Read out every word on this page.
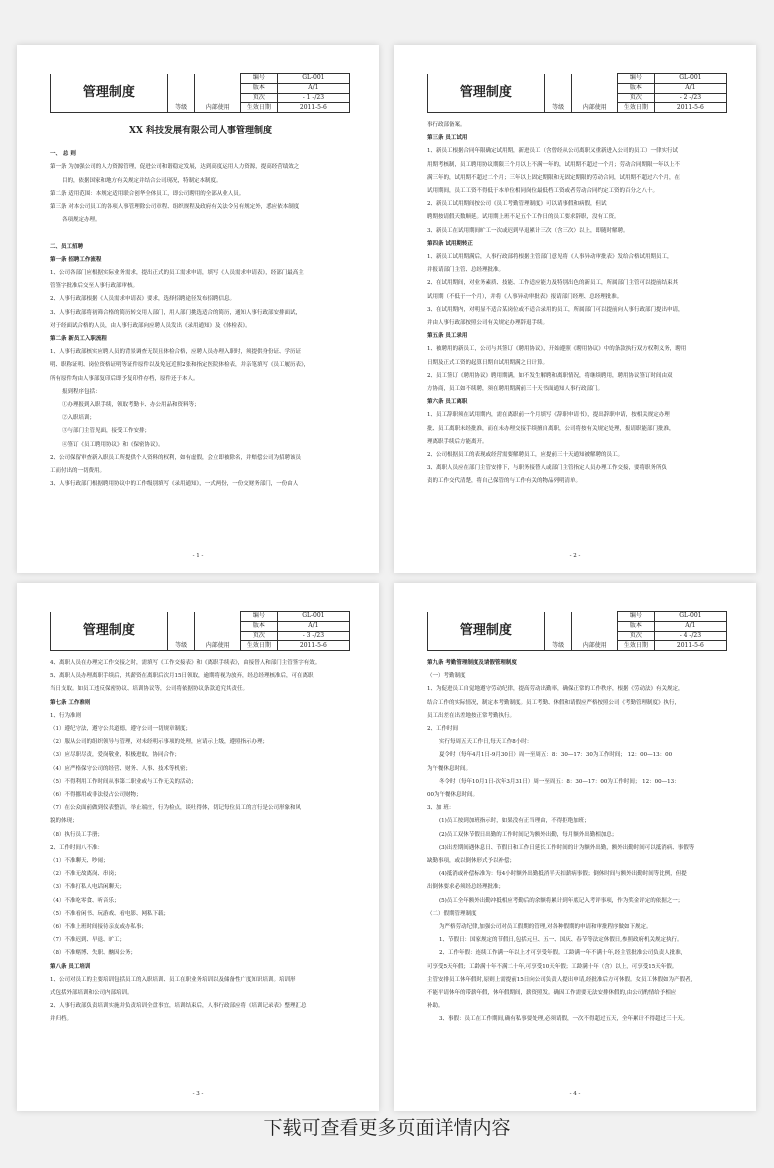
管理制度	等级	内部使用	编号	GL-001
			版本	A/1
			页次	- 1 -/23
			生效日期	2011-5-6

XX 科技发展有限公司人事管理制度

一、 总 则

第一条 为加强公司的人力资源管理，促进公司和谐稳定发展，达到高度运用人力资源，提高经营绩效之

目的，依据国家和地方有关规定并结合公司现况，特制定本制度。

第二条 适用范围：本规定适用联合创华全体员工，即公司聘用的全部从业人员。

第三条 对本公司员工的各项人事管理除公司章程、组织规程及政府有关法令另有规定外，悉应依本制度

各项规定办理。

二、员工招聘

第一条 招聘工作流程

1、公司各部门应根据实际业务需求，提出正式的员工需求申请，填写《人员需求申请表》，经部门最高主

管签字批准后交至人事行政部审核。

2、人事行政部根据《人员需求申请表》要求，选择招聘途径发布招聘信息。

3、人事行政部将初筛合格的简历转交用人部门，用人部门挑选适合的简历，通知人事行政部安排面试，

对于经面试合格的人员，由人事行政部向应聘人员发出《录用通知》及《体检表》。

第二条 新员工入职流程

1、人事行政部核实应聘人员的背景调查无误且体检合格，应聘人员办理入职时，须提供身份证、学历证

明、职称证明、岗位资格证明等证件原件以及免冠近照2张和指定医院体检表，并亲笔填写《员工履历表》，

所有原件均由人事部复印后即予复印件存档，原件还于本人。

报到程序包括：

①办理报到入职手续，领取考勤卡、办公用品和资料等；

②入职培训；

③与部门主管见面，接受工作安排；

④签订《员工聘用协议》和《保密协议》。

2、公司保留审查新入职员工所提供个人资料的权利，如有虚假，会立即被除名，并赔偿公司为招聘该员

工而付出的一切费用。

3、人事行政部门根据聘用协议中的工作级别填写《录用通知》，一式两份，一份交财务部门，一份由人

- 1 -
管理制度	等级	内部使用	编号	GL-001
			版本	A/1
			页次	- 2 -/23
			生效日期	2011-5-6

事行政部备案。

第三条 员工试用

1、新员工根据合同年限确定试用期，新进员工（含曾经从公司离职又重新进入公司的员工）一律实行试

用期考核制，员工聘用协议期限三个月以上不满一年的，试用期不超过一个月；劳动合同期限一年以上不

满三年的，试用期不超过二个月；三年以上固定期限和无固定期限的劳动合同，试用期不超过六个月，在

试用期间，员工工资不得低于本单位相同岗位最低档工资或者劳动合同约定工资的百分之八十。

2、新员工试用期间按公司《员工考勤管理制度》可以请事假和病假，但试

聘期按请假天数顺延。试用期上班不足五个工作日的员工要求辞职，没有工资。

3、新员工在试用期间旷工一次或迟到早退累计三次（含三次）以上，即随时解聘。

第四条 试用期转正

1、新员工试用期满后，人事行政部将根据主管部门意见将《人事异动审批表》发给合格试用期员工，

并报请部门主管、总经理批准。

2、在试用期间，对业务素质、技能、工作适应能力及特别出色的新员工，所属部门主管可以提前结束其

试用期（不低于一个月），并将《人事异动审批表》报请部门经理、总经理批准。

3、在试用期内，对明显不适合某岗位或不适合录用的员工，所属部门可以提前向人事行政部门提出申请，

并由人事行政部按照公司有关规定办理辞退手续。

第五条 员工录用

1、被聘用的新员工，公司与其签订《聘用协议》，开始遵照《聘用协议》中的条款执行双方权利义务，聘用

日期及正式工资的起算日期自试用期满之日计算。

2、员工签订《聘用协议》聘用期满，如不发生解聘和离职情况，将继续聘用，聘用协议签订时间由双

方协商，员工如不续聘，须在聘用期满前三十天书面通知人事行政部门。

第六条 员工离职

1、员工辞职须在试用期内，需在离职前一个月填写《辞职申请书》，提出辞职申请，按相关规定办理

批、员工离职未经批准，而在未办理交接手续擅自离职，公司将按有关规定处理，报请职能部门批准，

理离职手续后方能离开。

2、公司根据员工的表现或经营需要解聘员工，应提前三十天通知被解聘的员工。

3、离职人员应在部门主管安排下，与职务接替人或部门主管指定人员办理工作交接，要将职务所负

责的工作交代清楚，将自己保管的与工作有关的物品列明清单。

- 2 -
管理制度	等级	内部使用	编号	GL-001
			版本	A/1
			页次	- 3 -/23
			生效日期	2011-5-6

4、离职人员在办理完工作交接之时，需填写《工作交接表》和《离职手续表》，由接替人和部门主管签字有效。

5、离职人员办理离职手续后，其薪资在离职后次月15日领取，逾期将视为放弃，经总经理核准后，可在离职

当日支取。如员工违反保密协议、培训协议等，公司将依据协议条款追究其责任。

第七条 工作准则

1、行为准则

（1）遵纪守法，遵守公共道德，遵守公司一切规章制度；

（2）服从公司的组织领导与管理，对未经明示事项的处理，应请示上级，遵照指示办理；

（3）应尽职尽责，爱岗敬业，积极进取，协同合作；

（4）应严格保守公司的经营、财务、人事、技术等机密；

（5）不得利用工作时间从事第二职业或与工作无关的活动；

（6）不得挪用或非法侵占公司财物；

（7）在公众面前做到仪表整洁，举止端庄，行为检点，谈吐得体，切记每位员工的言行是公司形象和风

貌的体现；

（8）执行员工手册；

2、工作时间八不准：

（1）不准聊天、吵闹；

（2）不准无故离岗、串岗；

（3）不准打私人电话闲聊天；

（4）不准吃零食、听音乐；

（5）不准看闲书、玩游戏、看电影、网私下载；

（6）不准上班时间接待亲友或办私事；

（7）不准迟到、早退、旷工；

（8）不准赌博、失职、酗因公务；

第八条 员工培训

1、公司对员工的主要培训包括员工的入职培训、员工在职业务培训以及储备性广度知识培训。培训形

式包括外部培训和公司内部培训。

2、人事行政部负责培训实施并负责培训全盘事宜，培训结束后，人事行政部应将《培训记录表》整理汇总

并归档。

- 3 -
管理制度	等级	内部使用	编号	GL-001
			版本	A/1
			页次	- 4 -/23
			生效日期	2011-5-6

第九条 考勤管理制度及请假管理制度

（一）考勤制度

1、为促进员工自觉地遵守劳动纪律，提高劳动出勤率，确保正常的工作秩序，根据《劳动法》有关规定，

结合工作的实际情况，制定本考勤制度。员工考勤、休假和请假应严格按照公司《考勤管理制度》执行，

员工出差在出差地按正常考勤执行。

2、工作时间

实行每周五天工作日,每天工作8小时：

夏令时（每年4月1日-9月30日）周一至周五：8：30—17：30为工作时间； 12：00—13：00

为午餐休息时间。

冬令时（每年10月1日-次年3月31日）周一至周五：8：30—17：00为工作时间； 12：00—13：

00为午餐休息时间。

3、加 班：

(1)员工按到加班指示时，如果没有正当理由，不得拒绝加班；

(2)员工双休节假日出勤的工作时间记为额外出勤，每月额外出勤相加总；

(3)出差期间遇休息日、节假日和工作日延长工作时间的计为额外出勤，额外出勤时间可以抵消病、事假等

缺勤事项，或以倒休形式予以补偿；

(4)抵消或补偿标准为：每4小时额外出勤抵消半天扣薪病事假；倒休时间与额外出勤时间等比例，但提

出倒休要求必须经总经理批准；

(5)员工全年额外出勤冲抵相应考勤后的余额将累计到年底记入考评事项，作为奖金评定的依据之一；

（二）假期管理制度

为严格劳动纪律,加强公司对员工假期的管理,对各种假期的申请和审批程序做如下规定。

1、节假日：国家规定的节假日,包括元旦、五一、国庆、春节等法定休假日,参照政府机关规定执行。

2、工作年假：连续工作满一年以上才可享受年假。工龄满一年不满十年,经主管批准公司负责人批准,

可享受5天年假；工龄满十年不满二十年,可享受10天年假；工龄满十年（含）以上，可享受15天年假。

主管安排员工休年假时,原则上需提前15日向公司负责人提出申请,经批准后方可休假。女员工休假如为产假者,

不能平请休年的带薪年假，休年假期间，薪资照发。确因工作需要无法安排休假的,由公司酌情给予相应

补助。

3、事假：员工在工作期间,确有私事要处理,必须请假，一次不得超过五天，全年累计不得超过三十天。

- 4 -
下载可查看更多页面详情内容
